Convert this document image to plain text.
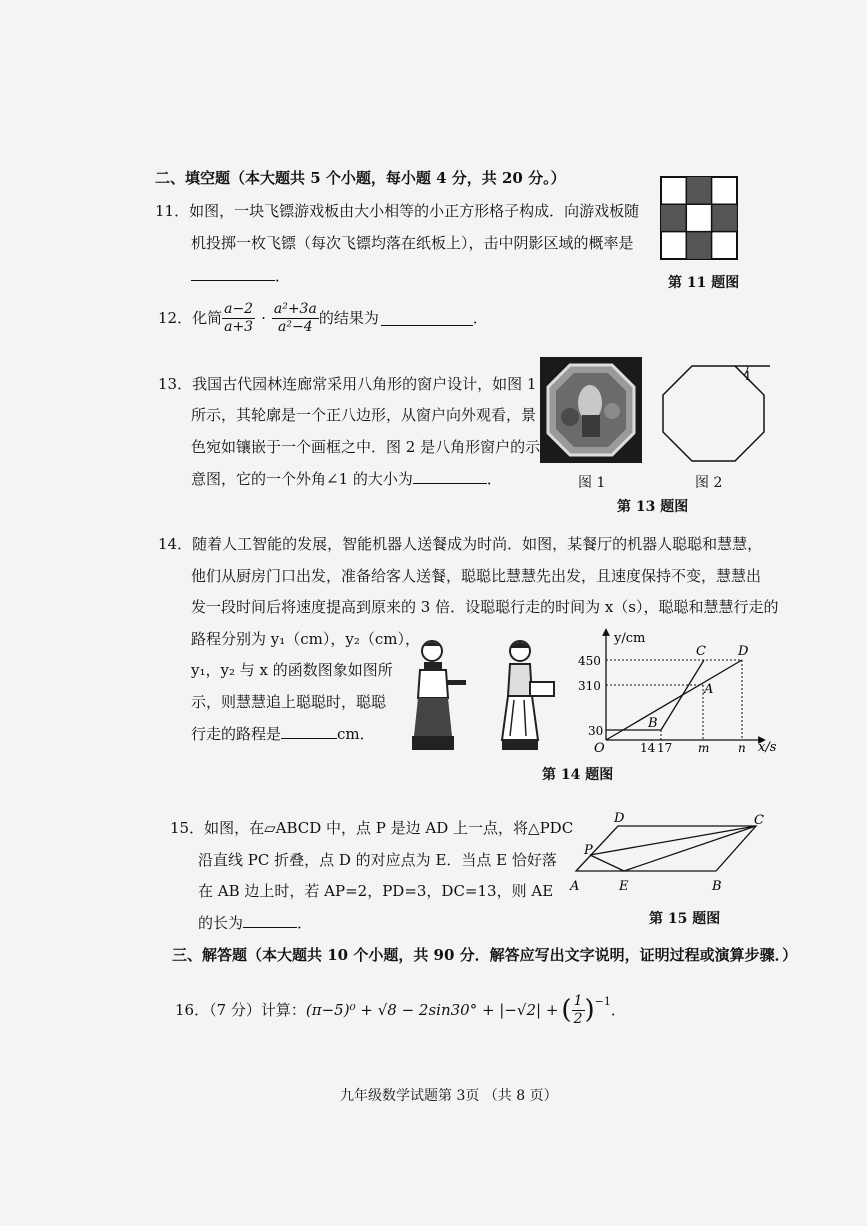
二、填空题（本大题共 5 个小题，每小题 4 分，共 20 分。）
11．如图，一块飞镖游戏板由大小相等的小正方形格子构成．向游戏板随
机投掷一枚飞镖（每次飞镖均落在纸板上），击中阴影区域的概率是
．	第 11 题图
12．化简 $\frac{a-2}{a+3} \cdot \frac{\text{a²+3a}}{\text{a²−4}}$ 的结果为	．
13．我国古代园林连廊常采用八角形的窗户设计，如图 1
所示，其轮廓是一个正八边形，从窗户向外观看，景
色宛如镶嵌于一个画框之中．图 2 是八角形窗户的示
意图，它的一个外角∠1 的大小为	．	图 1
1
图 2
第 13 题图
14．随着人工智能的发展，智能机器人送餐成为时尚．如图，某餐厅的机器人聪聪和慧慧，
他们从厨房门口出发，准备给客人送餐，聪聪比慧慧先出发，且速度保持不变，慧慧出
发一段时间后将速度提高到原来的 3 倍．设聪聪行走的时间为 x（s），聪聪和慧慧行走的
路程分别为 y₁（cm），y₂（cm），
y₁，y₂ 与 x 的函数图象如图所
示，则慧慧追上聪聪时，聪聪
行走的路程是	cm．
y/cm
x/s
O
450
310
30
14 17 m n
C D
A
B
第 14 题图
15．如图，在▱ABCD 中，点 P 是边 AD 上一点，将△PDC
沿直线 PC 折叠，点 D 的对应点为 E．当点 E 恰好落
在 AB 边上时，若 AP=2，PD=3，DC=13，则 AE
的长为	．
D	C
P
A	E	B
第 15 题图
三、解答题（本大题共 10 个小题，共 90 分．解答应写出文字说明，证明过程或演算步骤．）
16．（7 分）计算： (π−5)⁰ + √8 − 2sin30° + |−√2| + ( $\frac{1}{2}$ ) −1 ．
九年级数学试题第 3页 （共 8 页）
